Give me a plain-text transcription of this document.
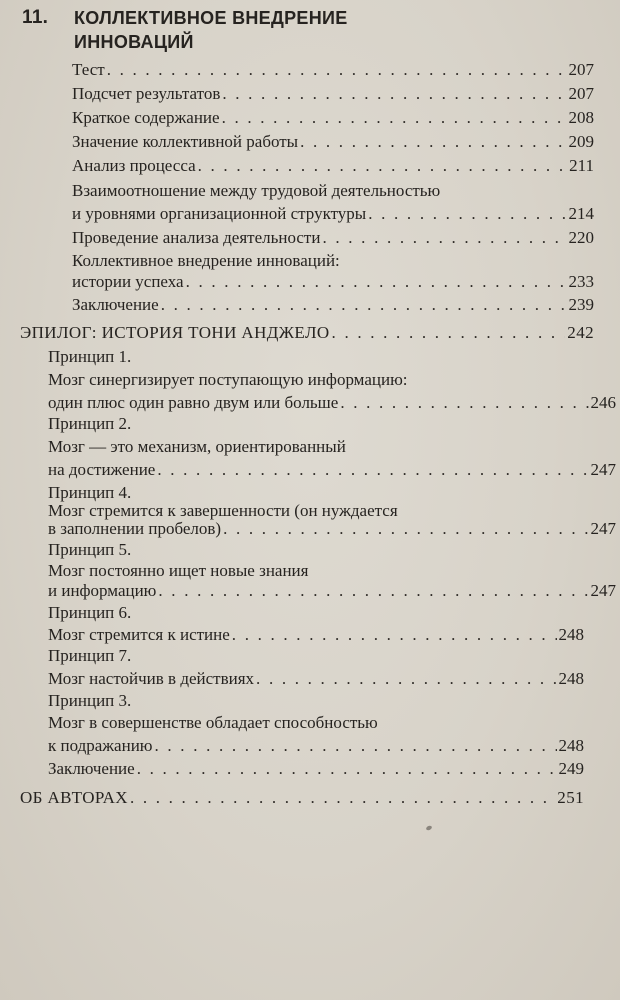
11.	КОЛЛЕКТИВНОЕ ВНЕДРЕНИЕ
ИННОВАЦИЙ
Тест . . .	207
Подсчет результатов . . .	207
Краткое содержание . . .	208
Значение коллективной работы . . .	209
Анализ процесса . . .	211
Взаимоотношение между трудовой деятельностью
и уровнями организационной структуры . . .	214
Проведение анализа деятельности . . .	220
Коллективное внедрение инноваций:
истории успеха . . .	233
Заключение . . .	239
ЭПИЛОГ: ИСТОРИЯ ТОНИ АНДЖЕЛО . . .	242
Принцип 1.
Мозг синергизирует поступающую информацию:
один плюс один равно двум или больше . . .	246
Принцип 2.
Мозг — это механизм, ориентированный
на достижение . . .	247
Принцип 4.
Мозг стремится к завершенности (он нуждается
в заполнении пробелов) . . .	247
Принцип 5.
Мозг постоянно ищет новые знания
и информацию . . .	247
Принцип 6.
Мозг стремится к истине . . .	248
Принцип 7.
Мозг настойчив в действиях . . .	248
Принцип 3.
Мозг в совершенстве обладает способностью
к подражанию . . .	248
Заключение . . .	249
ОБ АВТОРАХ . . .	251
